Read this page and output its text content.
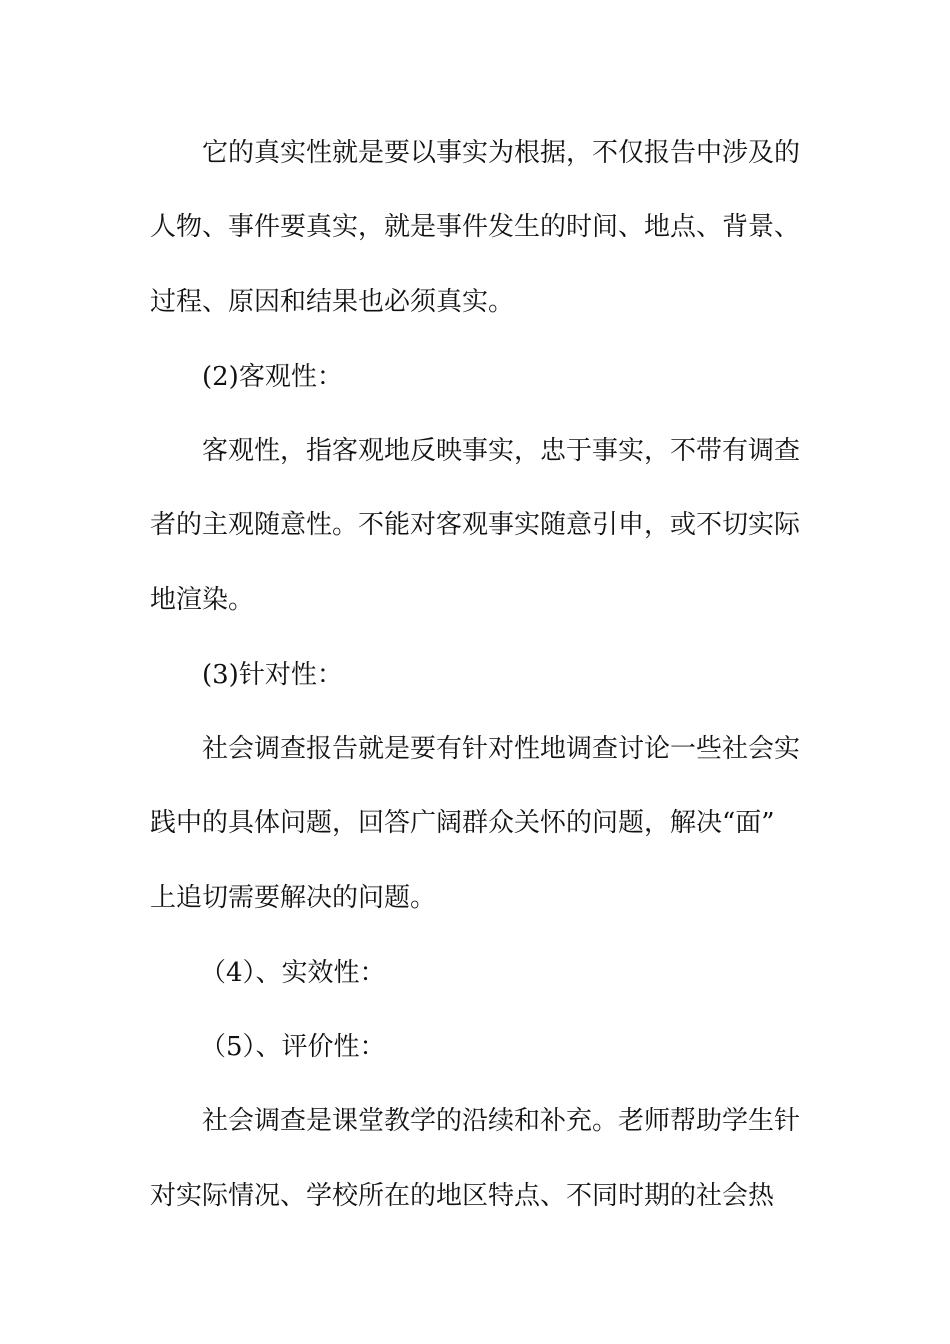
它的真实性就是要以事实为根据，不仅报告中涉及的
人物、事件要真实，就是事件发生的时间、地点、背景、
过程、原因和结果也必须真实。
(2)客观性：
客观性，指客观地反映事实，忠于事实，不带有调查
者的主观随意性。不能对客观事实随意引申，或不切实际
地渲染。
(3)针对性：
社会调查报告就是要有针对性地调查讨论一些社会实
践中的具体问题，回答广阔群众关怀的问题，解决“面”
上追切需要解决的问题。
（4）、实效性：
（5）、评价性：
社会调查是课堂教学的沿续和补充。老师帮助学生针
对实际情况、学校所在的地区特点、不同时期的社会热
